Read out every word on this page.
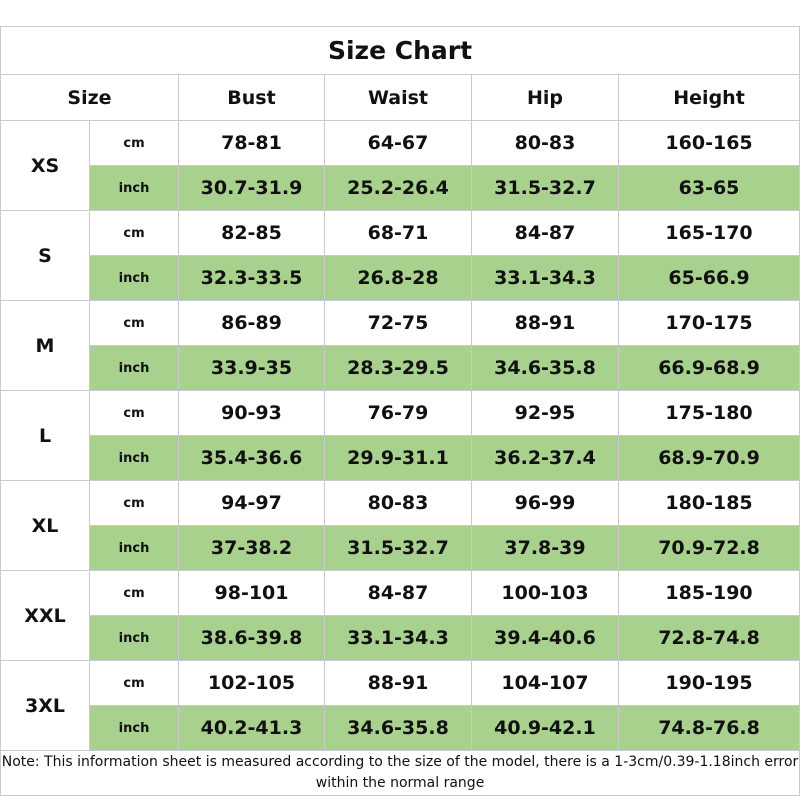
Size Chart					
Size		Bust	Waist	Hip	Height
XS	cm	78-81	64-67	80-83	160-165
	inch	30.7-31.9	25.2-26.4	31.5-32.7	63-65
S	cm	82-85	68-71	84-87	165-170
	inch	32.3-33.5	26.8-28	33.1-34.3	65-66.9
M	cm	86-89	72-75	88-91	170-175
	inch	33.9-35	28.3-29.5	34.6-35.8	66.9-68.9
L	cm	90-93	76-79	92-95	175-180
	inch	35.4-36.6	29.9-31.1	36.2-37.4	68.9-70.9
XL	cm	94-97	80-83	96-99	180-185
	inch	37-38.2	31.5-32.7	37.8-39	70.9-72.8
XXL	cm	98-101	84-87	100-103	185-190
	inch	38.6-39.8	33.1-34.3	39.4-40.6	72.8-74.8
3XL	cm	102-105	88-91	104-107	190-195
	inch	40.2-41.3	34.6-35.8	40.9-42.1	74.8-76.8
Note: This information sheet is measured according to the size of the model, there is a 1-3cm/0.39-1.18inch error within the normal range					
